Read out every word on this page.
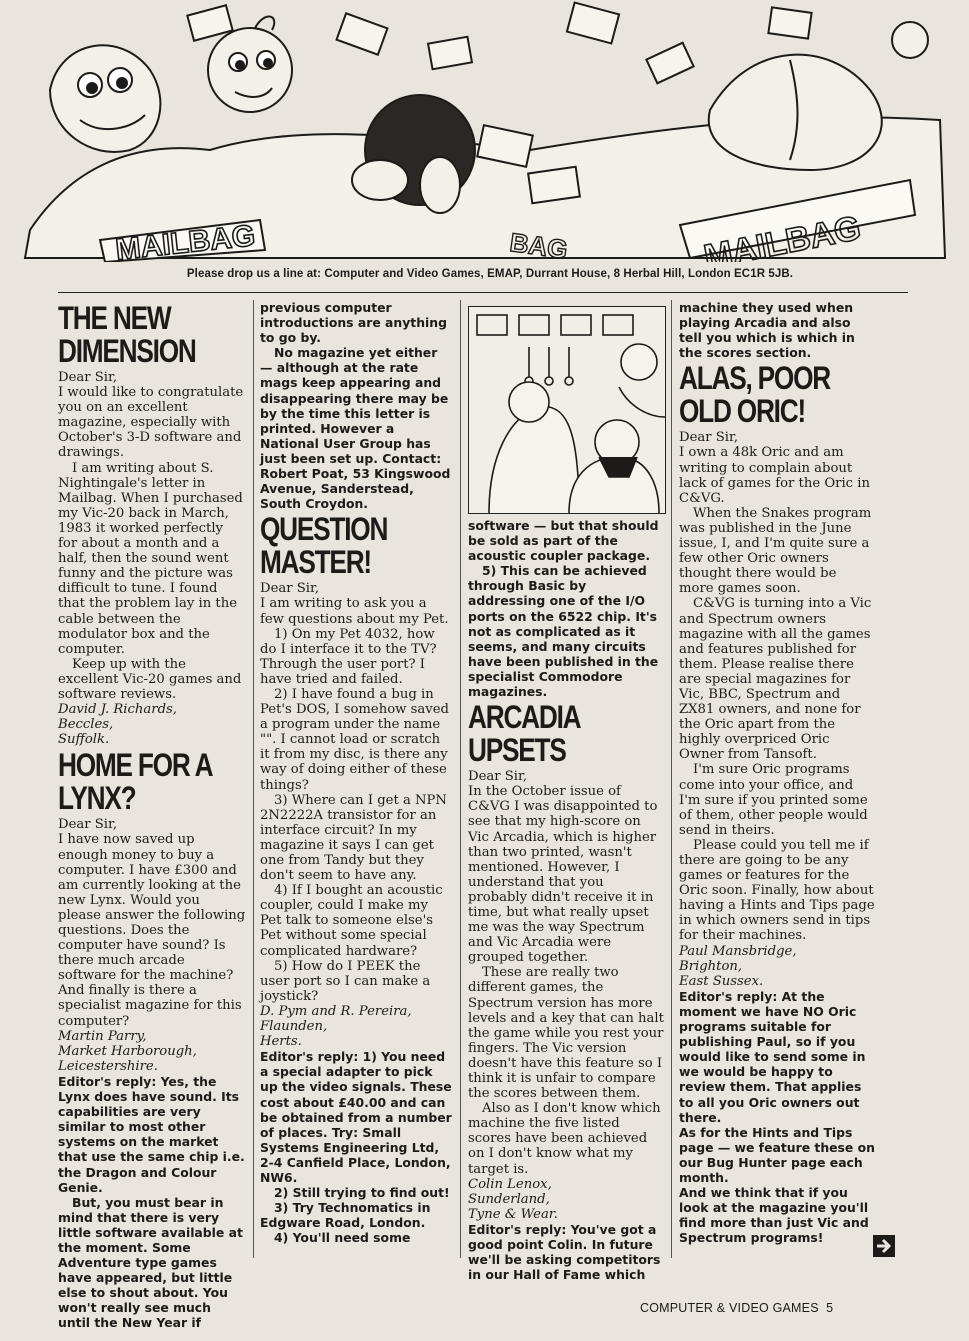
MAILBAG	MAILBAG
BAG
Please drop us a line at: Computer and Video Games, EMAP, Durrant House, 8 Herbal Hill, London EC1R 5JB.
THE NEW DIMENSION

Dear Sir,

I would like to congratulate you on an excellent magazine, especially with October's 3-D software and drawings.

I am writing about S. Nightingale's letter in Mailbag. When I purchased my Vic-20 back in March, 1983 it worked perfectly for about a month and a half, then the sound went funny and the picture was difficult to tune. I found that the problem lay in the cable between the modulator box and the computer.

Keep up with the excellent Vic-20 games and software reviews.

David J. Richards,

Beccles,

Suffolk.

HOME FOR A LYNX?

Dear Sir,

I have now saved up enough money to buy a computer. I have £300 and am currently looking at the new Lynx. Would you please answer the following questions. Does the computer have sound? Is there much arcade software for the machine? And finally is there a specialist magazine for this computer?

Martin Parry,

Market Harborough,

Leicestershire.

Editor's reply: Yes, the Lynx does have sound. Its capabilities are very similar to most other systems on the market that use the same chip i.e. the Dragon and Colour Genie.

But, you must bear in mind that there is very little software available at the moment. Some Adventure type games have appeared, but little else to shout about. You won't really see much until the New Year if

previous computer introductions are anything to go by.

No magazine yet either — although at the rate mags keep appearing and disappearing there may be by the time this letter is printed. However a National User Group has just been set up. Contact: Robert Poat, 53 Kingswood Avenue, Sanderstead, South Croydon.

QUESTION MASTER!

Dear Sir,

I am writing to ask you a few questions about my Pet.

1) On my Pet 4032, how do I interface it to the TV? Through the user port? I have tried and failed.

2) I have found a bug in Pet's DOS, I somehow saved a program under the name "". I cannot load or scratch it from my disc, is there any way of doing either of these things?

3) Where can I get a NPN 2N2222A transistor for an interface circuit? In my magazine it says I can get one from Tandy but they don't seem to have any.

4) If I bought an acoustic coupler, could I make my Pet talk to someone else's Pet without some special complicated hardware?

5) How do I PEEK the user port so I can make a joystick?

D. Pym and R. Pereira,

Flaunden,

Herts.

Editor's reply: 1) You need a special adapter to pick up the video signals. These cost about £40.00 and can be obtained from a number of places. Try: Small Systems Engineering Ltd, 2-4 Canfield Place, London, NW6.

2) Still trying to find out!

3) Try Technomatics in Edgware Road, London.

4) You'll need some

software — but that should be sold as part of the acoustic coupler package.

5) This can be achieved through Basic by addressing one of the I/O ports on the 6522 chip. It's not as complicated as it seems, and many circuits have been published in the specialist Commodore magazines.

ARCADIA UPSETS

Dear Sir,

In the October issue of C&VG I was disappointed to see that my high-score on Vic Arcadia, which is higher than two printed, wasn't mentioned. However, I understand that you probably didn't receive it in time, but what really upset me was the way Spectrum and Vic Arcadia were grouped together.

These are really two different games, the Spectrum version has more levels and a key that can halt the game while you rest your fingers. The Vic version doesn't have this feature so I think it is unfair to compare the scores between them.

Also as I don't know which machine the five listed scores have been achieved on I don't know what my target is.

Colin Lenox,

Sunderland,

Tyne & Wear.

Editor's reply: You've got a good point Colin. In future we'll be asking competitors in our Hall of Fame which

machine they used when playing Arcadia and also tell you which is which in the scores section.

ALAS, POOR OLD ORIC!

Dear Sir,

I own a 48k Oric and am writing to complain about lack of games for the Oric in C&VG.

When the Snakes program was published in the June issue, I, and I'm quite sure a few other Oric owners thought there would be more games soon.

C&VG is turning into a Vic and Spectrum owners magazine with all the games and features published for them. Please realise there are special magazines for Vic, BBC, Spectrum and ZX81 owners, and none for the Oric apart from the highly overpriced Oric Owner from Tansoft.

I'm sure Oric programs come into your office, and I'm sure if you printed some of them, other people would send in theirs.

Please could you tell me if there are going to be any games or features for the Oric soon. Finally, how about having a Hints and Tips page in which owners send in tips for their machines.

Paul Mansbridge,

Brighton,

East Sussex.

Editor's reply: At the moment we have NO Oric programs suitable for publishing Paul, so if you would like to send some in we would be happy to review them. That applies to all you Oric owners out there.

As for the Hints and Tips page — we feature these on our Bug Hunter page each month.

And we think that if you look at the magazine you'll find more than just Vic and Spectrum programs!

COMPUTER & VIDEO GAMES 5
